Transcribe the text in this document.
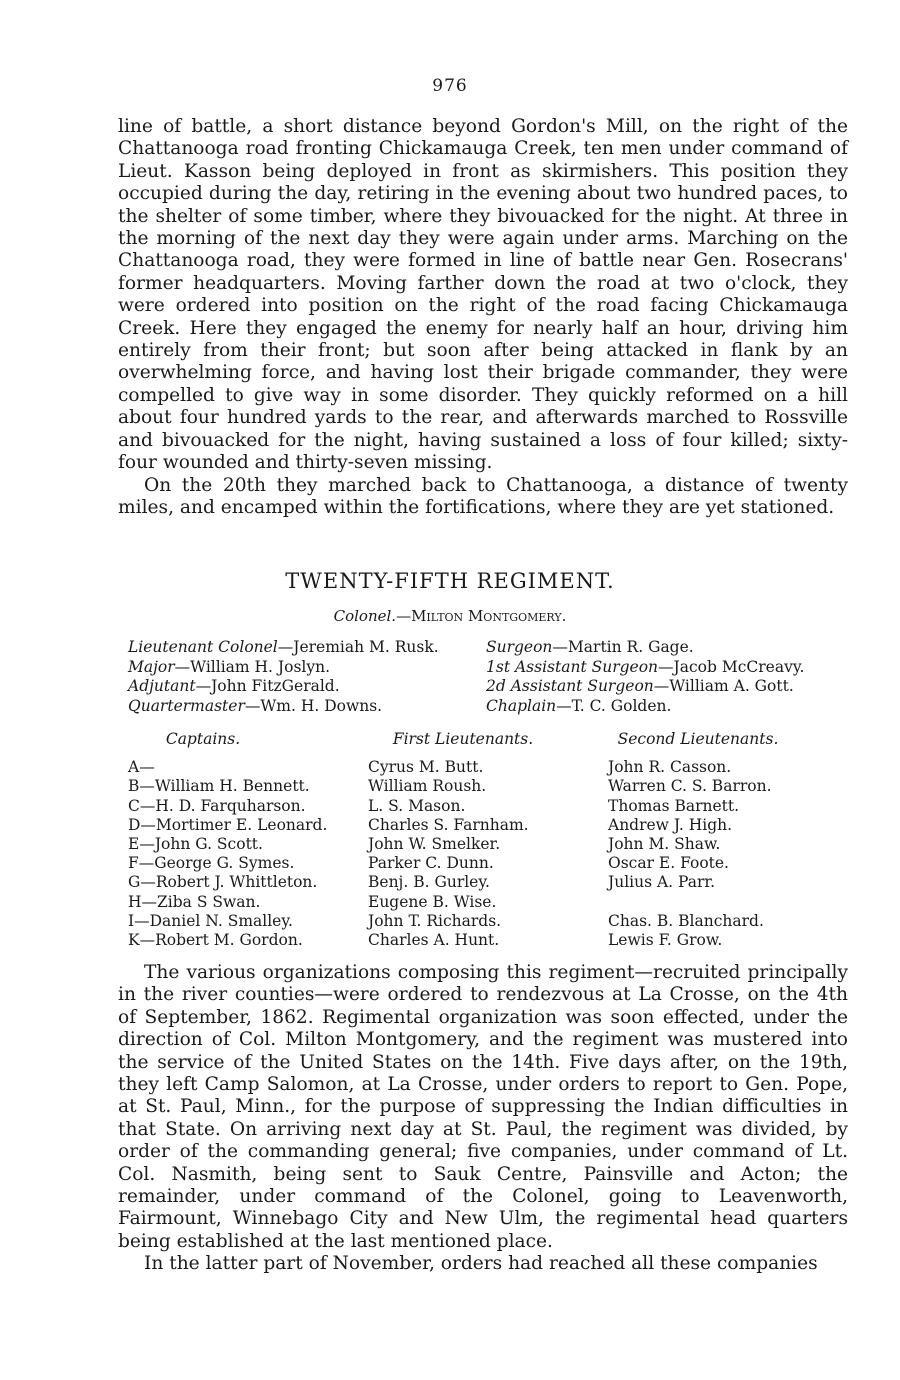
976

line of battle, a short distance beyond Gordon's Mill, on the right of the Chattanooga road fronting Chickamauga Creek, ten men under command of Lieut. Kasson being deployed in front as skirmishers. This position they occupied during the day, retiring in the evening about two hundred paces, to the shelter of some timber, where they bivouacked for the night. At three in the morning of the next day they were again under arms. Marching on the Chattanooga road, they were formed in line of battle near Gen. Rosecrans' former headquarters. Moving farther down the road at two o'clock, they were ordered into position on the right of the road facing Chickamauga Creek. Here they engaged the enemy for nearly half an hour, driving him entirely from their front; but soon after being attacked in flank by an overwhelming force, and having lost their brigade commander, they were compelled to give way in some disorder. They quickly reformed on a hill about four hundred yards to the rear, and afterwards marched to Rossville and bivouacked for the night, having sustained a loss of four killed; sixty-four wounded and thirty-seven missing.

On the 20th they marched back to Chattanooga, a distance of twenty miles, and encamped within the fortifications, where they are yet stationed.

TWENTY-FIFTH REGIMENT.
Colonel.—Milton Montgomery.
Lieutenant Colonel—Jeremiah M. Rusk.
Major—William H. Joslyn.
Adjutant—John FitzGerald.
Quartermaster—Wm. H. Downs.
Surgeon—Martin R. Gage.
1st Assistant Surgeon—Jacob McCreavy.
2d Assistant Surgeon—William A. Gott.
Chaplain—T. C. Golden.
Captains.
A—
B—William H. Bennett.
C—H. D. Farquharson.
D—Mortimer E. Leonard.
E—John G. Scott.
F—George G. Symes.
G—Robert J. Whittleton.
H—Ziba S Swan.
I—Daniel N. Smalley.
K—Robert M. Gordon.
First Lieutenants.
Cyrus M. Butt.
William Roush.
L. S. Mason.
Charles S. Farnham.
John W. Smelker.
Parker C. Dunn.
Benj. B. Gurley.
Eugene B. Wise.
John T. Richards.
Charles A. Hunt.
Second Lieutenants.
John R. Casson.
Warren C. S. Barron.
Thomas Barnett.
Andrew J. High.
John M. Shaw.
Oscar E. Foote.
Julius A. Parr.
Chas. B. Blanchard.
Lewis F. Grow.

The various organizations composing this regiment—recruited principally in the river counties—were ordered to rendezvous at La Crosse, on the 4th of September, 1862. Regimental organization was soon effected, under the direction of Col. Milton Montgomery, and the regiment was mustered into the service of the United States on the 14th. Five days after, on the 19th, they left Camp Salomon, at La Crosse, under orders to report to Gen. Pope, at St. Paul, Minn., for the purpose of suppressing the Indian difficulties in that State. On arriving next day at St. Paul, the regiment was divided, by order of the commanding general; five companies, under command of Lt. Col. Nasmith, being sent to Sauk Centre, Painsville and Acton; the remainder, under command of the Colonel, going to Leavenworth, Fairmount, Winnebago City and New Ulm, the regimental head quarters being established at the last mentioned place.

In the latter part of November, orders had reached all these companies
